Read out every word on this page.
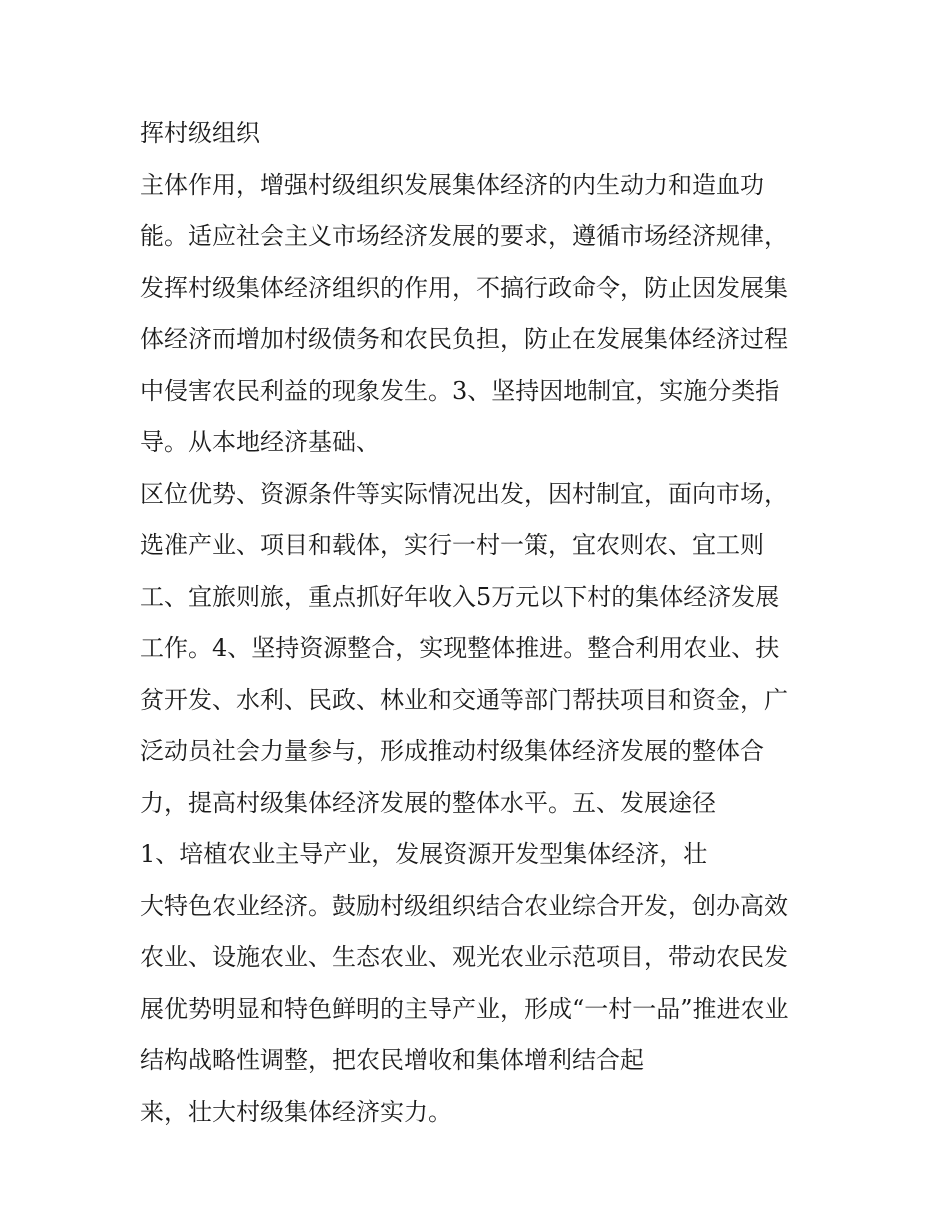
挥村级组织
主体作用，增强村级组织发展集体经济的内生动力和造血功
能。适应社会主义市场经济发展的要求，遵循市场经济规律，
发挥村级集体经济组织的作用，不搞行政命令，防止因发展集
体经济而增加村级债务和农民负担，防止在发展集体经济过程
中侵害农民利益的现象发生。3、坚持因地制宜，实施分类指
导。从本地经济基础、
区位优势、资源条件等实际情况出发，因村制宜，面向市场，
选准产业、项目和载体，实行一村一策，宜农则农、宜工则
工、宜旅则旅，重点抓好年收入5万元以下村的集体经济发展
工作。4、坚持资源整合，实现整体推进。整合利用农业、扶
贫开发、水利、民政、林业和交通等部门帮扶项目和资金，广
泛动员社会力量参与，形成推动村级集体经济发展的整体合
力，提高村级集体经济发展的整体水平。五、发展途径
1、培植农业主导产业，发展资源开发型集体经济，壮
大特色农业经济。鼓励村级组织结合农业综合开发，创办高效
农业、设施农业、生态农业、观光农业示范项目，带动农民发
展优势明显和特色鲜明的主导产业，形成“一村一品”推进农业
结构战略性调整，把农民增收和集体增利结合起
来，壮大村级集体经济实力。
